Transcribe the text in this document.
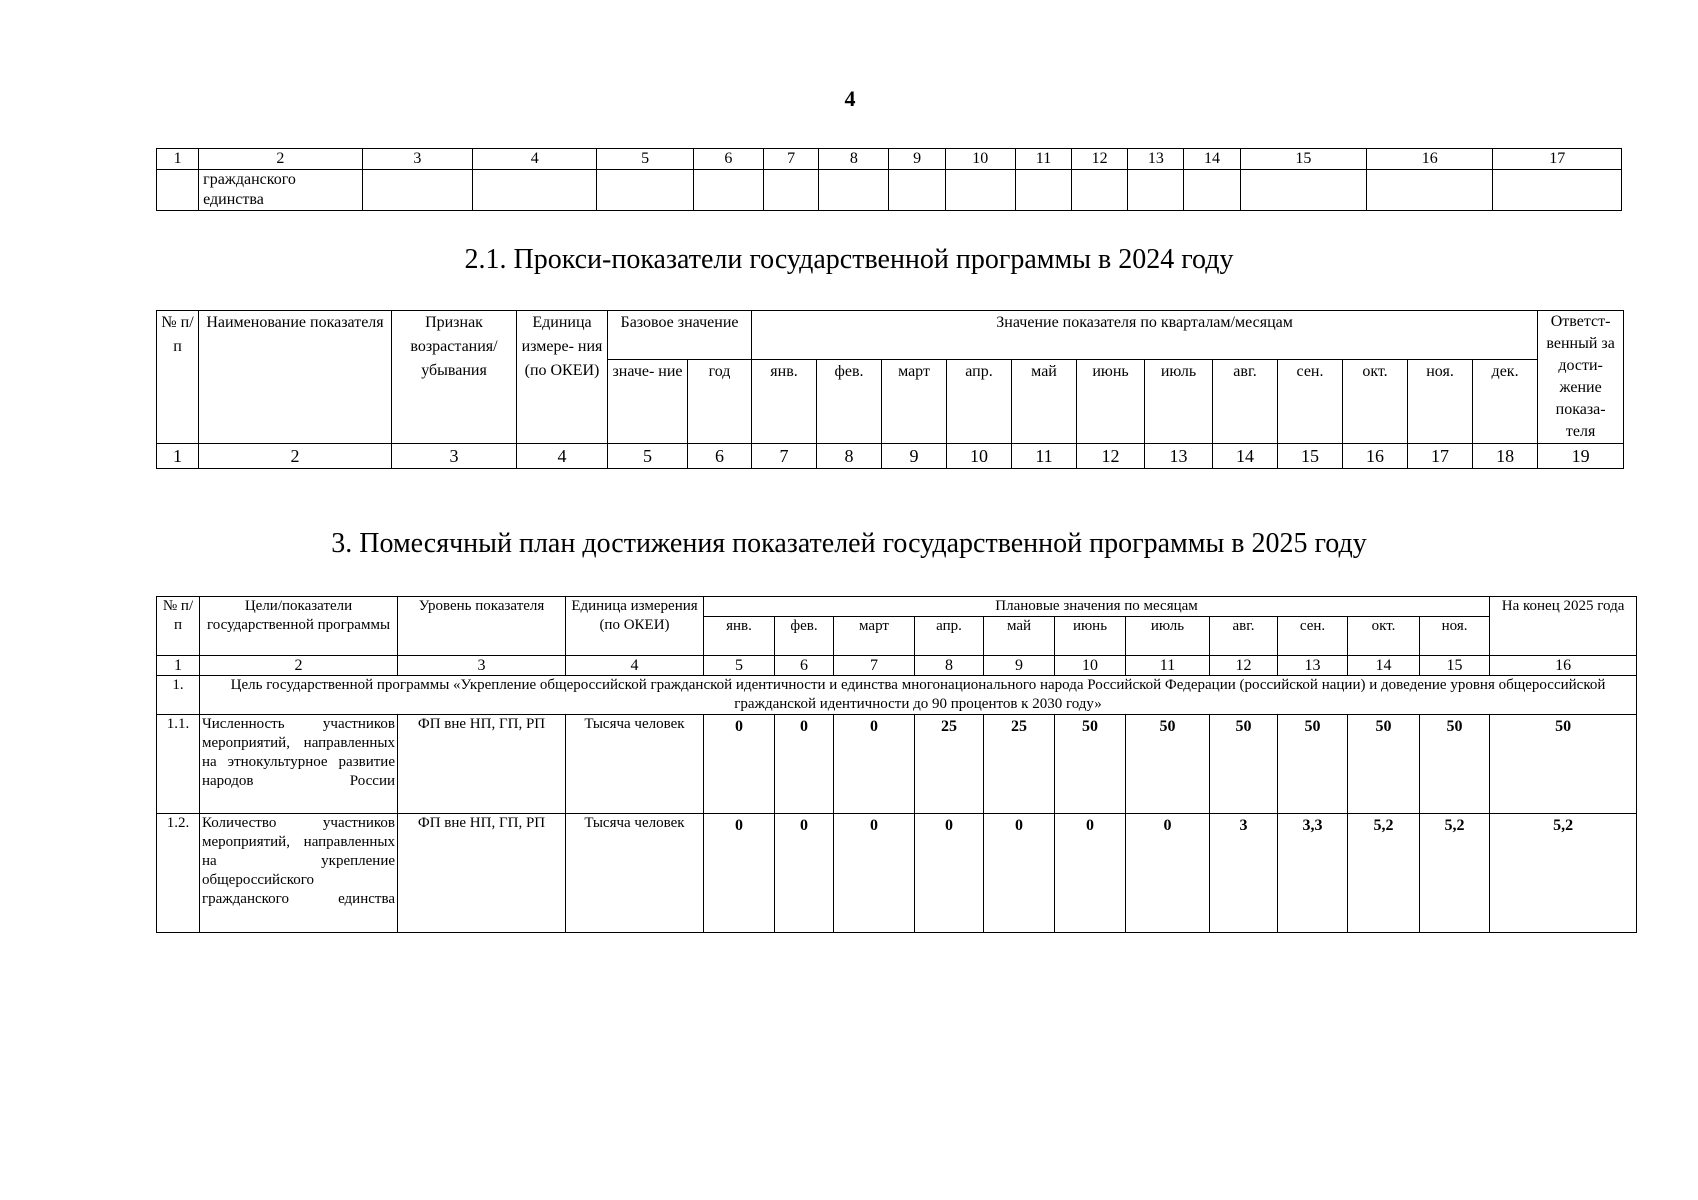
4
1	2	3	4	5	6	7	8	9	10	11	12	13	14	15	16	17
	гражданского
единства															
2.1. Прокси-показатели государственной программы в 2024 году
№ п/п	Наименование показателя	Признак возрастания/ убывания	Единица измере- ния (по ОКЕИ)	Базовое значение		Значение показателя по кварталам/месяцам												Ответст- венный за дости- жение показа- теля
				значе- ние	год	янв.	фев.	март	апр.	май	июнь	июль	авг.	сен.	окт.	ноя.	дек.	
1	2	3	4	5	6	7	8	9	10	11	12	13	14	15	16	17	18	19
3. Помесячный план достижения показателей государственной программы в 2025 году
№ п/п	Цели/показатели государственной программы	Уровень показателя	Единица измерения (по ОКЕИ)	Плановые значения по месяцам											На конец 2025 года
				янв.	фев.	март	апр.	май	июнь	июль	авг.	сен.	окт.	ноя.	
1	2	3	4	5	6	7	8	9	10	11	12	13	14	15	16
1.	Цель государственной программы «Укрепление общероссийской гражданской идентичности и единства многонационального народа Российской Федерации (российской нации) и доведение уровня общероссийской гражданской идентичности до 90 процентов к 2030 году»														
1.1.	Численность участников мероприятий, направленных на этнокультурное развитие народов России	ФП вне НП, ГП, РП	Тысяча человек	0	0	0	25	25	50	50	50	50	50	50	50
1.2.	Количество участников мероприятий, направленных на укрепление общероссийского гражданского единства	ФП вне НП, ГП, РП	Тысяча человек	0	0	0	0	0	0	0	3	3,3	5,2	5,2	5,2
